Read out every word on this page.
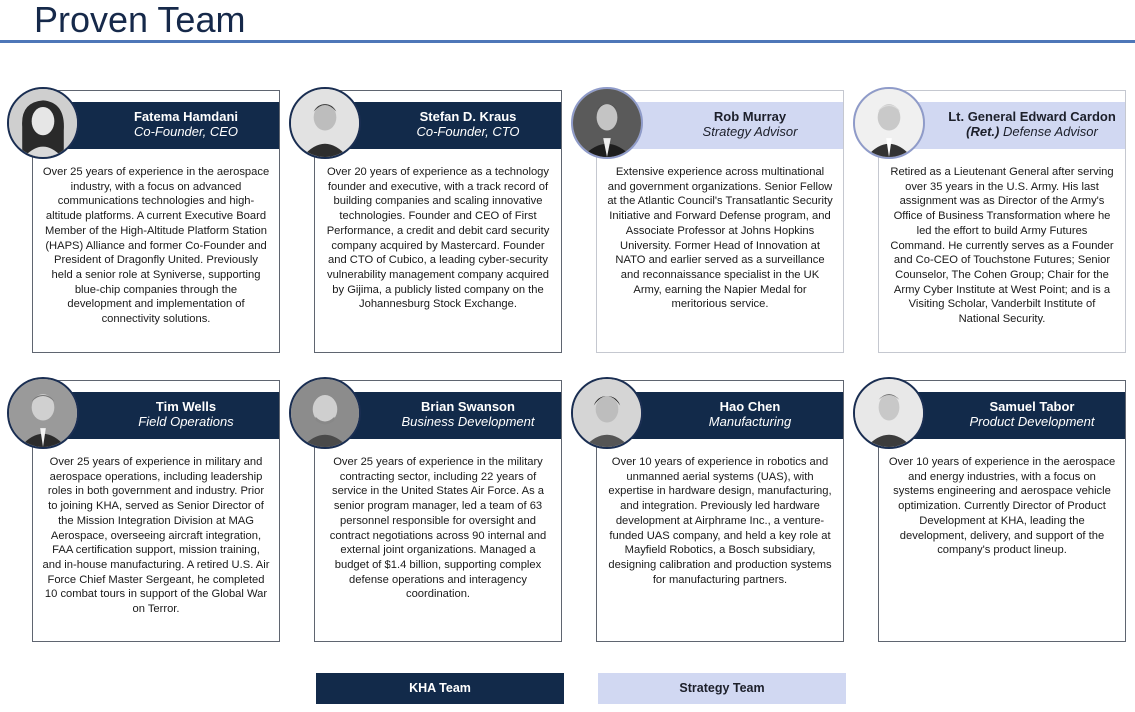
Proven Team
Fatema Hamdani
Co-Founder, CEO
Over 25 years of experience in the aerospace industry, with a focus on advanced communications technologies and high-altitude platforms. A current Executive Board Member of the High-Altitude Platform Station (HAPS) Alliance and former Co-Founder and President of Dragonfly United. Previously held a senior role at Syniverse, supporting blue-chip companies through the development and implementation of connectivity solutions.
Stefan D. Kraus
Co-Founder, CTO
Over 20 years of experience as a technology founder and executive, with a track record of building companies and scaling innovative technologies. Founder and CEO of First Performance, a credit and debit card security company acquired by Mastercard. Founder and CTO of Cubico, a leading cyber-security vulnerability management company acquired by Gijima, a publicly listed company on the Johannesburg Stock Exchange.
Rob Murray
Strategy Advisor
Extensive experience across multinational and government organizations. Senior Fellow at the Atlantic Council's Transatlantic Security Initiative and Forward Defense program, and Associate Professor at Johns Hopkins University. Former Head of Innovation at NATO and earlier served as a surveillance and reconnaissance specialist in the UK Army, earning the Napier Medal for meritorious service.
Lt. General Edward Cardon
(Ret.) Defense Advisor
Retired as a Lieutenant General after serving over 35 years in the U.S. Army. His last assignment was as Director of the Army's Office of Business Transformation where he led the effort to build Army Futures Command. He currently serves as a Founder and Co-CEO of Touchstone Futures; Senior Counselor, The Cohen Group; Chair for the Army Cyber Institute at West Point; and is a Visiting Scholar, Vanderbilt Institute of National Security.
Tim Wells
Field Operations
Over 25 years of experience in military and aerospace operations, including leadership roles in both government and industry. Prior to joining KHA, served as Senior Director of the Mission Integration Division at MAG Aerospace, overseeing aircraft integration, FAA certification support, mission training, and in-house manufacturing. A retired U.S. Air Force Chief Master Sergeant, he completed 10 combat tours in support of the Global War on Terror.
Brian Swanson
Business Development
Over 25 years of experience in the military contracting sector, including 22 years of service in the United States Air Force. As a senior program manager, led a team of 63 personnel responsible for oversight and contract negotiations across 90 internal and external joint organizations. Managed a budget of $1.4 billion, supporting complex defense operations and interagency coordination.
Hao Chen
Manufacturing
Over 10 years of experience in robotics and unmanned aerial systems (UAS), with expertise in hardware design, manufacturing, and integration. Previously led hardware development at Airphrame Inc., a venture-funded UAS company, and held a key role at Mayfield Robotics, a Bosch subsidiary, designing calibration and production systems for manufacturing partners.
Samuel Tabor
Product Development
Over 10 years of experience in the aerospace and energy industries, with a focus on systems engineering and aerospace vehicle optimization. Currently Director of Product Development at KHA, leading the development, delivery, and support of the company's product lineup.
KHA Team	Strategy Team
